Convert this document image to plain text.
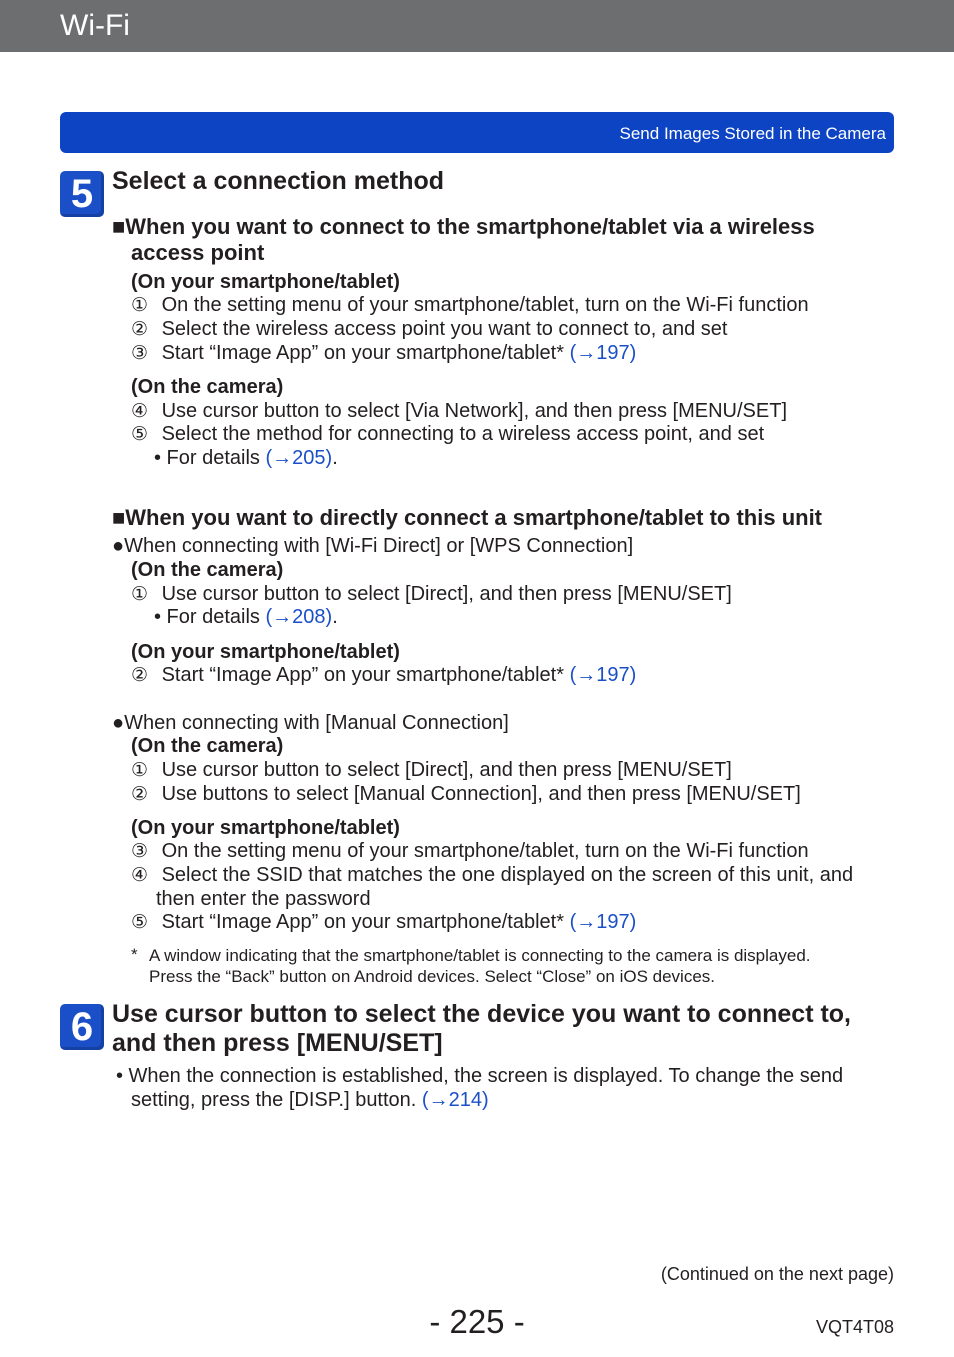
Wi-Fi
Send Images Stored in the Camera
5 Select a connection method
■When you want to connect to the smartphone/tablet via a wireless
access point
(On your smartphone/tablet)
① On the setting menu of your smartphone/tablet, turn on the Wi-Fi function
② Select the wireless access point you want to connect to, and set
③ Start “Image App” on your smartphone/tablet* (→197)
(On the camera)
④ Use cursor button to select [Via Network], and then press [MENU/SET]
⑤ Select the method for connecting to a wireless access point, and set
• For details (→205).
■When you want to directly connect a smartphone/tablet to this unit
●When connecting with [Wi-Fi Direct] or [WPS Connection]
(On the camera)
① Use cursor button to select [Direct], and then press [MENU/SET]
• For details (→208).
(On your smartphone/tablet)
② Start “Image App” on your smartphone/tablet* (→197)
●When connecting with [Manual Connection]
(On the camera)
① Use cursor button to select [Direct], and then press [MENU/SET]
② Use buttons to select [Manual Connection], and then press [MENU/SET]
(On your smartphone/tablet)
③ On the setting menu of your smartphone/tablet, turn on the Wi-Fi function
④ Select the SSID that matches the one displayed on the screen of this unit, and
then enter the password
⑤ Start “Image App” on your smartphone/tablet* (→197)
* A window indicating that the smartphone/tablet is connecting to the camera is displayed.
Press the “Back” button on Android devices. Select “Close” on iOS devices.
6 Use cursor button to select the device you want to connect to,
and then press [MENU/SET]
• When the connection is established, the screen is displayed. To change the send
setting, press the [DISP.] button. (→214)
(Continued on the next page)
- 225 -	VQT4T08
